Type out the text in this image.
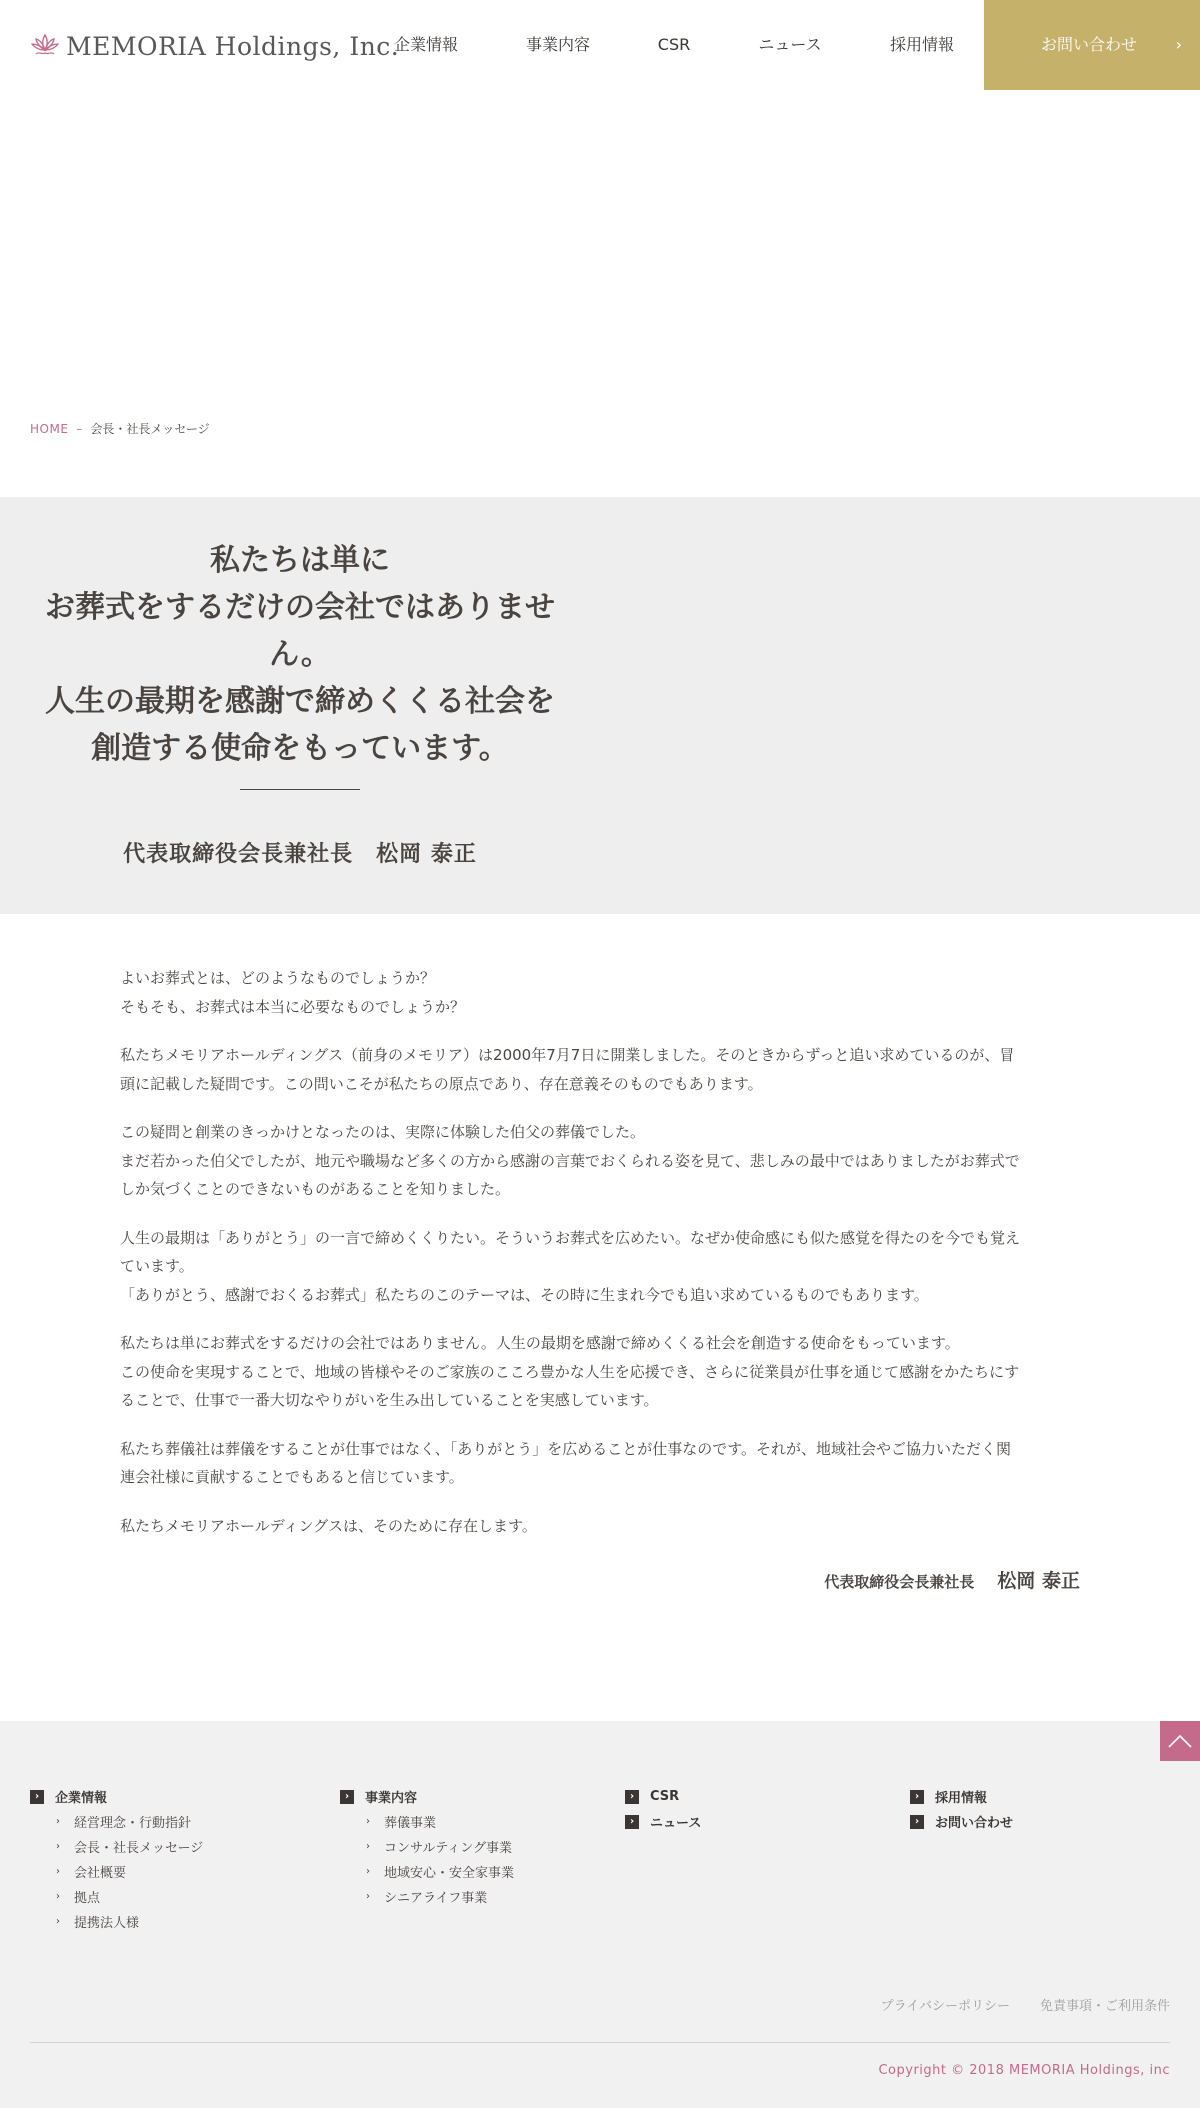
MEMORIA Holdings, Inc.
企業情報	事業内容	CSR	ニュース	採用情報	お問い合わせ ›
HOME – 会長・社長メッセージ
私たちは単に
お葬式をするだけの会社ではありませ
ん。
人生の最期を感謝で締めくくる社会を
創造する使命をもっています。
代表取締役会長兼社長　松岡 泰正

よいお葬式とは、どのようなものでしょうか？
そもそも、お葬式は本当に必要なものでしょうか？

私たちメモリアホールディングス（前身のメモリア）は2000年7月7日に開業しました。そのときからずっと追い求めているのが、冒
頭に記載した疑問です。この問いこそが私たちの原点であり、存在意義そのものでもあります。

この疑問と創業のきっかけとなったのは、実際に体験した伯父の葬儀でした。
まだ若かった伯父でしたが、地元や職場など多くの方から感謝の言葉でおくられる姿を見て、悲しみの最中ではありましたがお葬式で
しか気づくことのできないものがあることを知りました。

人生の最期は「ありがとう」の一言で締めくくりたい。そういうお葬式を広めたい。なぜか使命感にも似た感覚を得たのを今でも覚え
ています。
「ありがとう、感謝でおくるお葬式」私たちのこのテーマは、その時に生まれ今でも追い求めているものでもあります。

私たちは単にお葬式をするだけの会社ではありません。人生の最期を感謝で締めくくる社会を創造する使命をもっています。
この使命を実現することで、地域の皆様やそのご家族のこころ豊かな人生を応援でき、さらに従業員が仕事を通じて感謝をかたちにす
ることで、仕事で一番大切なやりがいを生み出していることを実感しています。

私たち葬儀社は葬儀をすることが仕事ではなく、「ありがとう」を広めることが仕事なのです。それが、地域社会やご協力いただく関
連会社様に貢献することでもあると信じています。

私たちメモリアホールディングスは、そのために存在します。

代表取締役会長兼社長 松岡 泰正
›	企業情報
› 経営理念・行動指針
› 会長・社長メッセージ
› 会社概要
› 拠点
› 提携法人様
›	事業内容
› 葬儀事業
› コンサルティング事業
› 地域安心・安全家事業
› シニアライフ事業
›	CSR
›	ニュース
›	採用情報
›	お問い合わせ
プライバシーポリシー 免責事項・ご利用条件
Copyright © 2018 MEMORIA Holdings, inc
